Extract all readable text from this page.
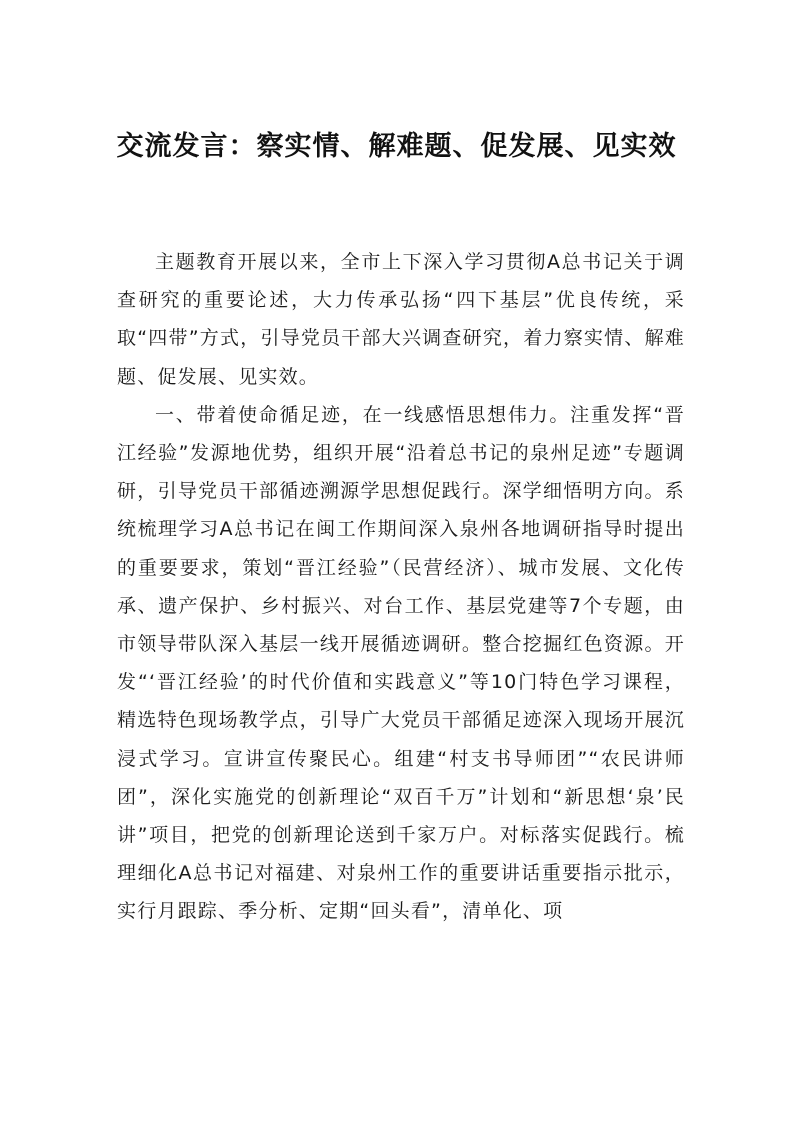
交流发言：察实情、解难题、促发展、见实效

主题教育开展以来，全市上下深入学习贯彻A总书记关于调查研究的重要论述，大力传承弘扬“四下基层”优良传统，采取“四带”方式，引导党员干部大兴调查研究，着力察实情、解难题、促发展、见实效。

一、带着使命循足迹，在一线感悟思想伟力。注重发挥“晋江经验”发源地优势，组织开展“沿着总书记的泉州足迹”专题调研，引导党员干部循迹溯源学思想促践行。深学细悟明方向。系统梳理学习A总书记在闽工作期间深入泉州各地调研指导时提出的重要要求，策划“晋江经验”（民营经济）、城市发展、文化传承、遗产保护、乡村振兴、对台工作、基层党建等7个专题，由市领导带队深入基层一线开展循迹调研。整合挖掘红色资源。开发“‘晋江经验’的时代价值和实践意义”等10门特色学习课程，精选特色现场教学点，引导广大党员干部循足迹深入现场开展沉浸式学习。宣讲宣传聚民心。组建“村支书导师团”“农民讲师团”，深化实施党的创新理论“双百千万”计划和“新思想‘泉’民讲”项目，把党的创新理论送到千家万户。对标落实促践行。梳理细化A总书记对福建、对泉州工作的重要讲话重要指示批示，实行月跟踪、季分析、定期“回头看”，清单化、项
